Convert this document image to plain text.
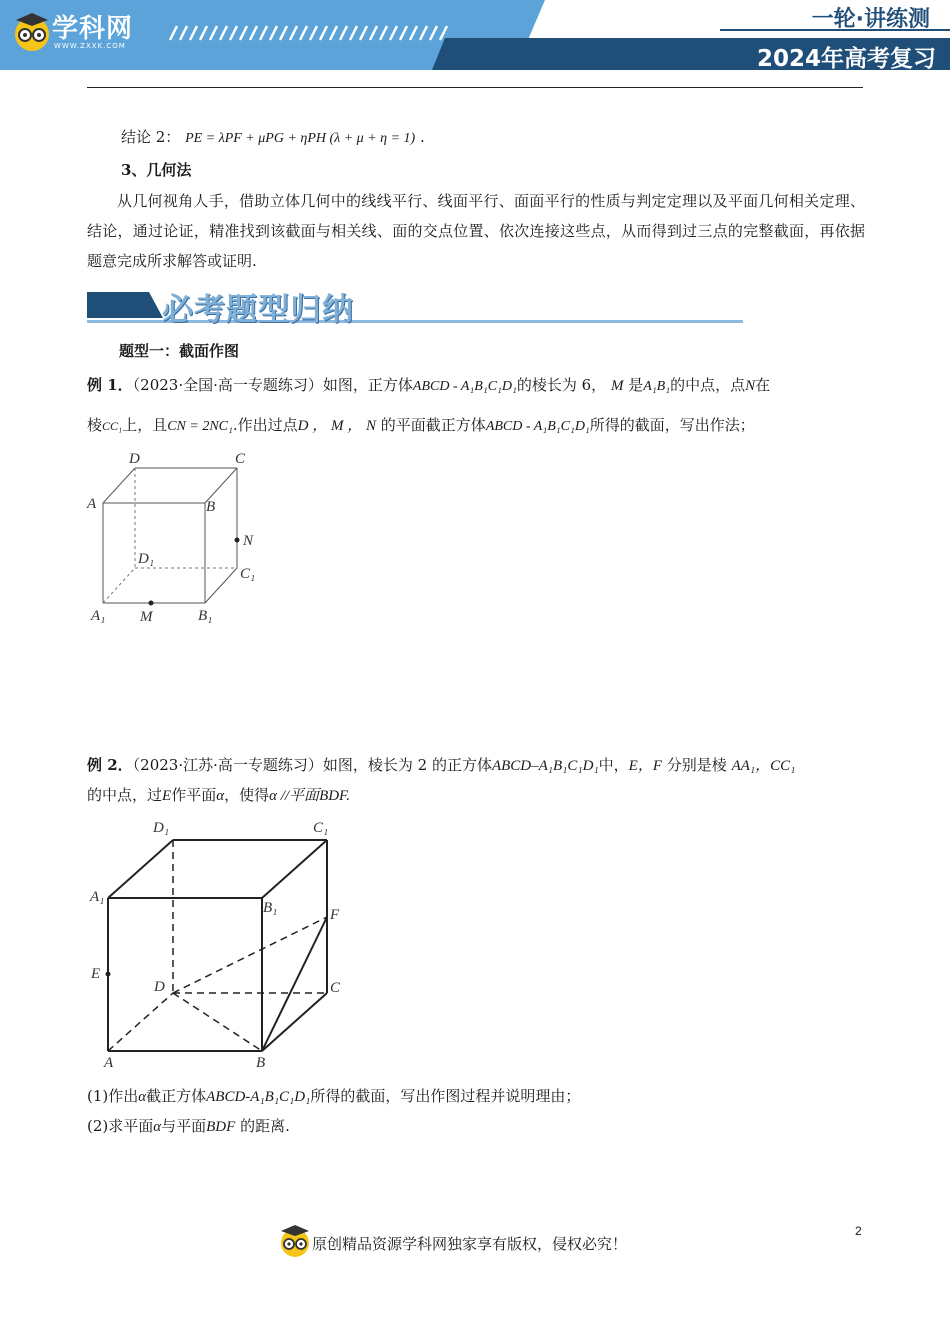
学科网
WWW.ZXXK.COM
一轮·讲练测
2024年高考复习
结论 2： PE = λPF + μPG + ηPH (λ + μ + η = 1) .
3、几何法
从几何视角人手，借助立体几何中的线线平行、线面平行、面面平行的性质与判定定理以及平面几何相关定理、结论，通过论证，精准找到该截面与相关线、面的交点位置、依次连接这些点，从而得到过三点的完整截面，再依据题意完成所求解答或证明.
必考题型归纳
题型一：截面作图
例 1．（2023·全国·高一专题练习）如图，正方体ABCD - A₁B₁C₁D₁的棱长为 6， M 是A₁B₁的中点，点N在
棱CC₁上，且CN = 2NC₁.作出过点D ， M ， N 的平面截正方体ABCD - A₁B₁C₁D₁所得的截面，写出作法；
D	C
A	B
N
D₁
C₁
A₁ M	B₁
例 2．（2023·江苏·高一专题练习）如图，棱长为 2 的正方体ABCD–A₁B₁C₁D₁中，E，F 分别是棱 AA₁，CC₁
的中点，过E作平面α，使得α //平面BDF.
D₁	C₁
A₁
B₁	F
E
D	C
A	B
(1)作出α截正方体ABCD-A₁B₁C₁D₁所得的截面，写出作图过程并说明理由；
(2)求平面α与平面BDF 的距离.
原创精品资源学科网独家享有版权，侵权必究！
2
